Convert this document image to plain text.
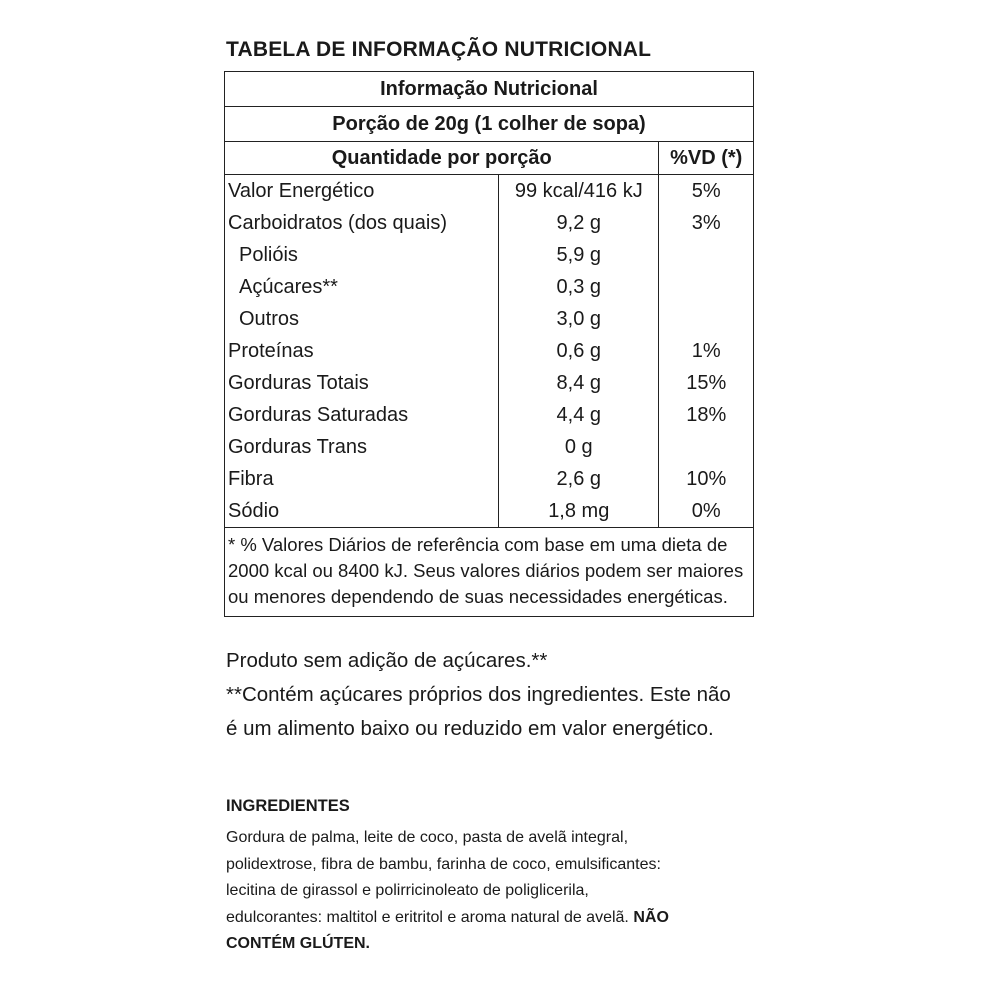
TABELA DE INFORMAÇÃO NUTRICIONAL
Informação Nutricional		
Porção de 20g (1 colher de sopa)		
Quantidade por porção		%VD (*)
Valor Energético	99 kcal/416 kJ	5%
Carboidratos (dos quais)	9,2 g	3%
Polióis	5,9 g	
Açúcares**	0,3 g	
Outros	3,0 g	
Proteínas	0,6 g	1%
Gorduras Totais	8,4 g	15%
Gorduras Saturadas	4,4 g	18%
Gorduras Trans	0 g	
Fibra	2,6 g	10%
Sódio	1,8 mg	0%
* % Valores Diários de referência com base em uma dieta de 2000 kcal ou 8400 kJ. Seus valores diários podem ser maiores ou menores dependendo de suas necessidades energéticas.		
Produto sem adição de açúcares.**
**Contém açúcares próprios dos ingredientes. Este não é um alimento baixo ou reduzido em valor energético.
INGREDIENTES
Gordura de palma, leite de coco, pasta de avelã integral, polidextrose, fibra de bambu, farinha de coco, emulsificantes: lecitina de girassol e polirricinoleato de poliglicerila, edulcorantes: maltitol e eritritol e aroma natural de avelã. NÃO CONTÉM GLÚTEN.
